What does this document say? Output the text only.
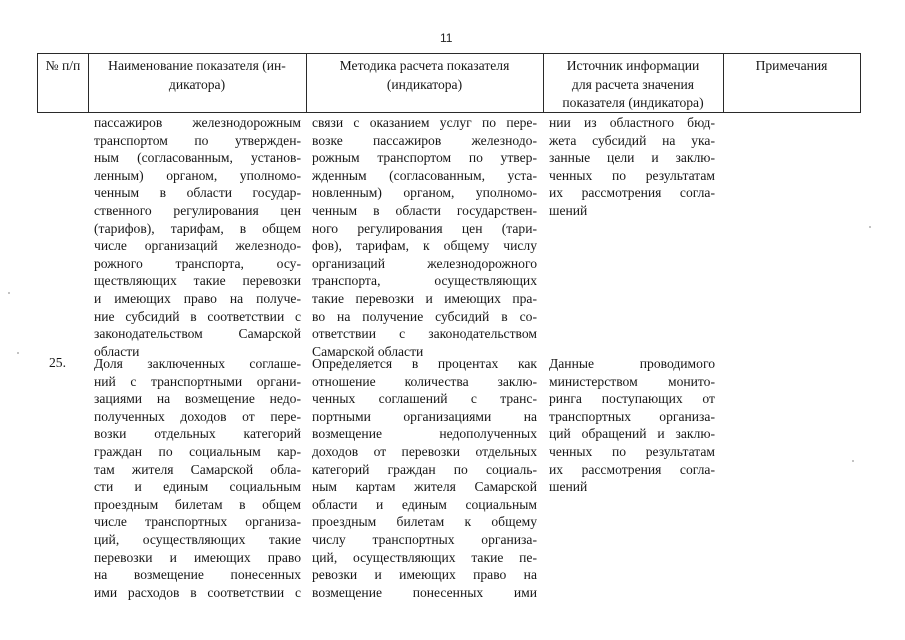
11
№ п/п	Наименование показателя (ин-
дикатора)
Методика расчета показателя
(индикатора)
Источник информации
для расчета значения
показателя (индикатора)
Примечания
пассажиров железнодорожным
транспортом по утвержден-
ным (согласованным, установ-
ленным) органом, уполномо-
ченным в области государ-
ственного регулирования цен
(тарифов), тарифам, в общем
числе организаций железнодо-
рожного транспорта, осу-
ществляющих такие перевозки
и имеющих право на получе-
ние субсидий в соответствии с
законодательством Самарской
области
связи с оказанием услуг по пере-
возке пассажиров железнодо-
рожным транспортом по утвер-
жденным (согласованным, уста-
новленным) органом, уполномо-
ченным в области государствен-
ного регулирования цен (тари-
фов), тарифам, к общему числу
организаций железнодорожного
транспорта, осуществляющих
такие перевозки и имеющих пра-
во на получение субсидий в со-
ответствии с законодательством
Самарской области
нии из областного бюд-
жета субсидий на ука-
занные цели и заклю-
ченных по результатам
их рассмотрения согла-
шений
25. Доля заключенных соглаше-
ний с транспортными органи-
зациями на возмещение недо-
полученных доходов от пере-
возки отдельных категорий
граждан по социальным кар-
там жителя Самарской обла-
сти и единым социальным
проездным билетам в общем
числе транспортных организа-
ций, осуществляющих такие
перевозки и имеющих право
на возмещение понесенных
ими расходов в соответствии с
Определяется в процентах как
отношение количества заклю-
ченных соглашений с транс-
портными организациями на
возмещение недополученных
доходов от перевозки отдельных
категорий граждан по социаль-
ным картам жителя Самарской
области и единым социальным
проездным билетам к общему
числу транспортных организа-
ций, осуществляющих такие пе-
ревозки и имеющих право на
возмещение понесенных ими
Данные проводимого
министерством монито-
ринга поступающих от
транспортных организа-
ций обращений и заклю-
ченных по результатам
их рассмотрения согла-
шений
